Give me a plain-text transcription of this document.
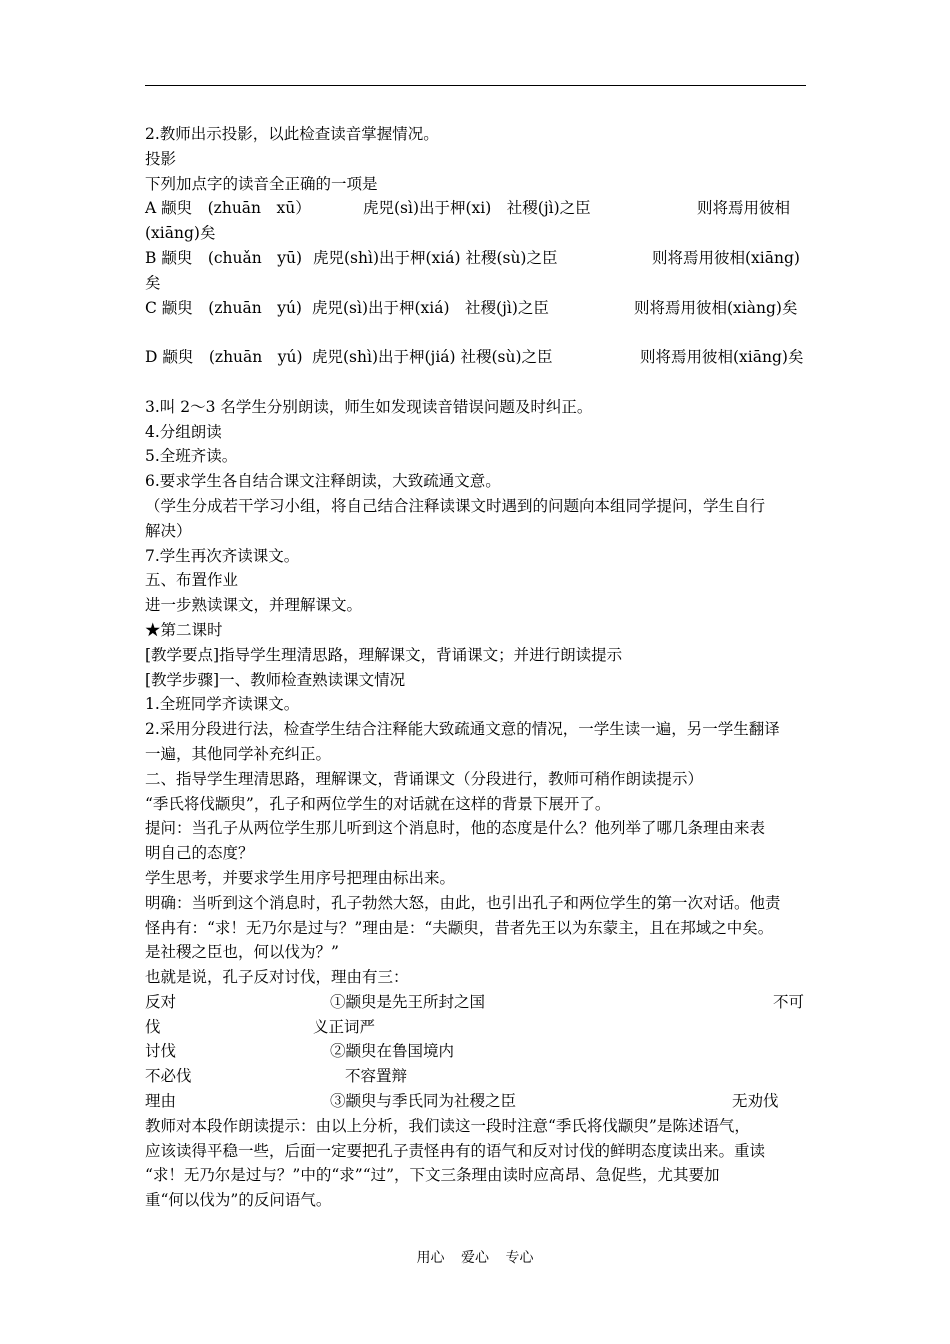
2.教师出示投影，以此检查读音掌握情况。
投影
下列加点字的读音全正确的一项是
A 颛臾　(zhuān　xū）	虎兕(sì)出于柙(xi)　社稷(jì)之臣	则将焉用彼相
(xiāng)矣
B 颛臾　(chuǎn　yū) 虎兕(shì)出于柙(xiá) 社稷(sù)之臣	则将焉用彼相(xiāng)
矣
C 颛臾　(zhuān　yú) 虎兕(sì)出于柙(xiá)　社稷(jì)之臣	则将焉用彼相(xiàng)矣
D 颛臾　(zhuān　yú) 虎兕(shì)出于柙(jiá) 社稷(sù)之臣	则将焉用彼相(xiāng)矣
3.叫 2～3 名学生分别朗读，师生如发现读音错误问题及时纠正。
4.分组朗读
5.全班齐读。
6.要求学生各自结合课文注释朗读，大致疏通文意。
（学生分成若干学习小组，将自己结合注释读课文时遇到的问题向本组同学提问，学生自行
解决）
7.学生再次齐读课文。
五、布置作业
进一步熟读课文，并理解课文。
★第二课时
[教学要点]指导学生理清思路，理解课文，背诵课文；并进行朗读提示
[教学步骤]一、教师检查熟读课文情况
1.全班同学齐读课文。
2.采用分段进行法，检查学生结合注释能大致疏通文意的情况，一学生读一遍，另一学生翻译
一遍，其他同学补充纠正。
二、指导学生理清思路，理解课文，背诵课文（分段进行，教师可稍作朗读提示）
“季氏将伐颛臾”，孔子和两位学生的对话就在这样的背景下展开了。
提问：当孔子从两位学生那儿听到这个消息时，他的态度是什么？他列举了哪几条理由来表
明自己的态度？
学生思考，并要求学生用序号把理由标出来。
明确：当听到这个消息时，孔子勃然大怒，由此，也引出孔子和两位学生的第一次对话。他责
怪冉有：“求！无乃尔是过与？”理由是：“夫颛臾，昔者先王以为东蒙主，且在邦域之中矣。
是社稷之臣也，何以伐为？”
也就是说，孔子反对讨伐，理由有三：
反对	①颛臾是先王所封之国	不可
伐	义正词严
讨伐	②颛臾在鲁国境内
不必伐	不容置辩
理由	③颛臾与季氏同为社稷之臣	无劝伐
教师对本段作朗读提示：由以上分析，我们读这一段时注意“季氏将伐颛臾”是陈述语气，
应该读得平稳一些，后面一定要把孔子责怪冉有的语气和反对讨伐的鲜明态度读出来。重读
“求！无乃尔是过与？”中的“求”“过”，下文三条理由读时应高昂、急促些，尤其要加
重“何以伐为”的反问语气。
用心 爱心 专心
